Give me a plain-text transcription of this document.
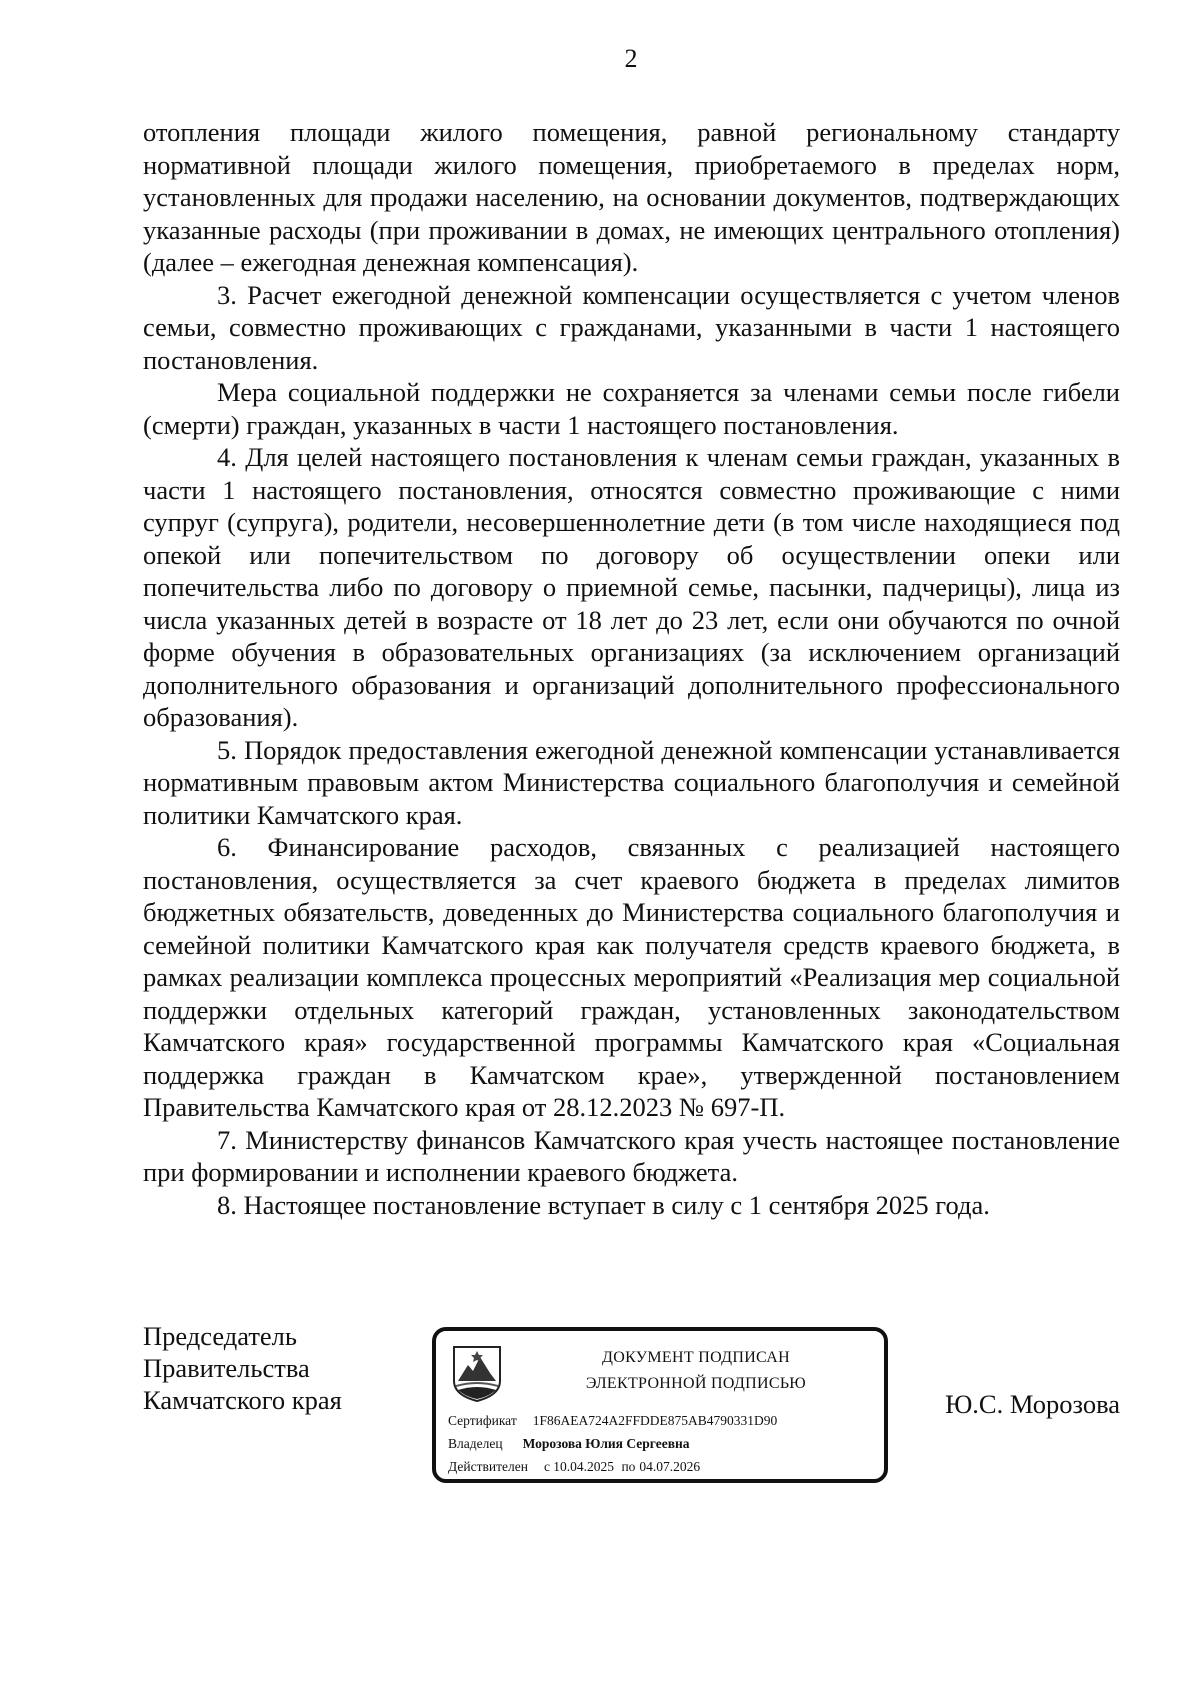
2

отопления площади жилого помещения, равной региональному стандарту нормативной площади жилого помещения, приобретаемого в пределах норм, установленных для продажи населению, на основании документов, подтверждающих указанные расходы (при проживании в домах, не имеющих центрального отопления) (далее – ежегодная денежная компенсация).

3. Расчет ежегодной денежной компенсации осуществляется с учетом членов семьи, совместно проживающих с гражданами, указанными в части 1 настоящего постановления.

Мера социальной поддержки не сохраняется за членами семьи после гибели (смерти) граждан, указанных в части 1 настоящего постановления.

4. Для целей настоящего постановления к членам семьи граждан, указанных в части 1 настоящего постановления, относятся совместно проживающие с ними супруг (супруга), родители, несовершеннолетние дети (в том числе находящиеся под опекой или попечительством по договору об осуществлении опеки или попечительства либо по договору о приемной семье, пасынки, падчерицы), лица из числа указанных детей в возрасте от 18 лет до 23 лет, если они обучаются по очной форме обучения в образовательных организациях (за исключением организаций дополнительного образования и организаций дополнительного профессионального образования).

5. Порядок предоставления ежегодной денежной компенсации устанавливается нормативным правовым актом Министерства социального благополучия и семейной политики Камчатского края.

6. Финансирование расходов, связанных с реализацией настоящего постановления, осуществляется за счет краевого бюджета в пределах лимитов бюджетных обязательств, доведенных до Министерства социального благополучия и семейной политики Камчатского края как получателя средств краевого бюджета, в рамках реализации комплекса процессных мероприятий «Реализация мер социальной поддержки отдельных категорий граждан, установленных законодательством Камчатского края» государственной программы Камчатского края «Социальная поддержка граждан в Камчатском крае», утвержденной постановлением Правительства Камчатского края от 28.12.2023 № 697-П.

7. Министерству финансов Камчатского края учесть настоящее постановление при формировании и исполнении краевого бюджета.

8. Настоящее постановление вступает в силу с 1 сентября 2025 года.

Председатель
Правительства
Камчатского края
ДОКУМЕНТ ПОДПИСАН
ЭЛЕКТРОННОЙ ПОДПИСЬЮ
Сертификат 1F86AEA724A2FFDDE875AB4790331D90
Владелец Морозова Юлия Сергеевна
Действителен с 10.04.2025 по 04.07.2026
Ю.С. Морозова
